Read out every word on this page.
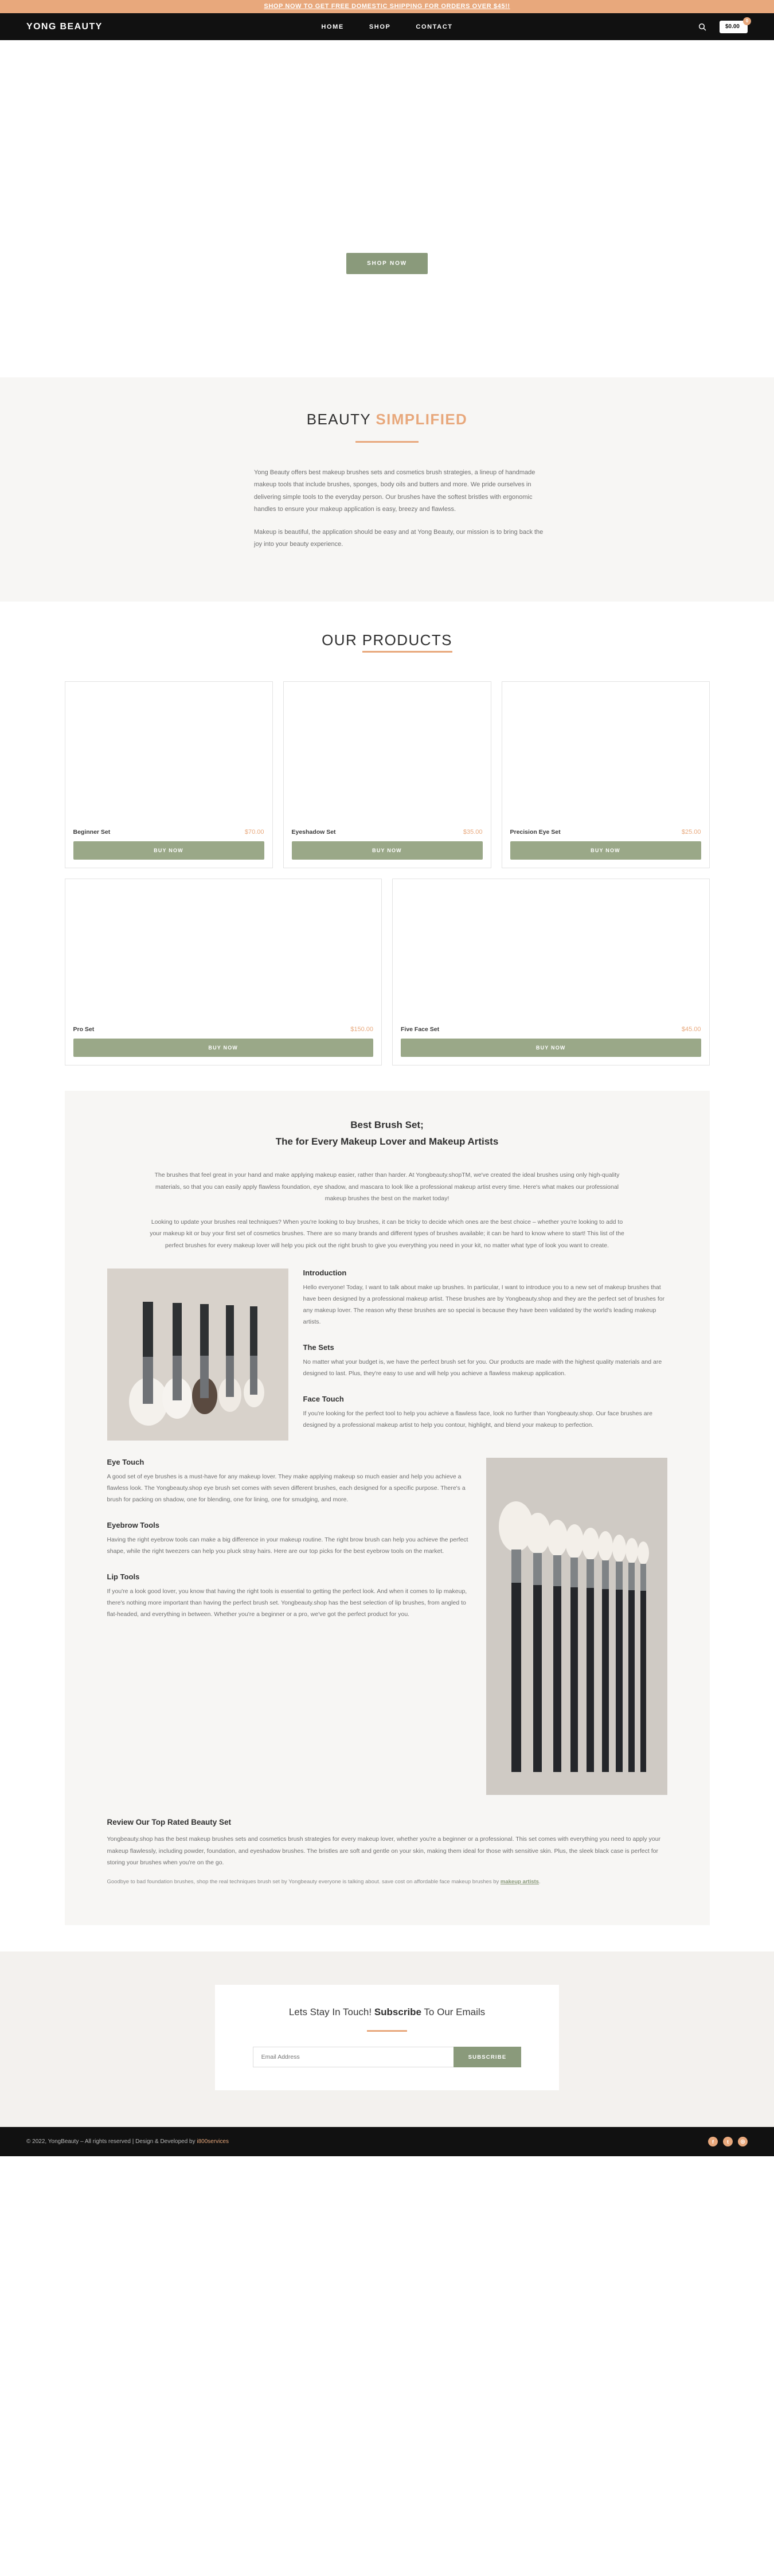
SHOP NOW TO GET FREE DOMESTIC SHIPPING FOR ORDERS OVER $45!!
YONG BEAUTY	HOME	SHOP	CONTACT	$0.00
0
SHOP NOW
BEAUTY SIMPLIFIED

Yong Beauty offers best makeup brushes sets and cosmetics brush strategies, a lineup of handmade makeup tools that include brushes, sponges, body oils and butters and more. We pride ourselves in delivering simple tools to the everyday person. Our brushes have the softest bristles with ergonomic handles to ensure your makeup application is easy, breezy and flawless.

Makeup is beautiful, the application should be easy and at Yong Beauty, our mission is to bring back the joy into your beauty experience.

OUR PRODUCTS
Beginner Set	$70.00
BUY NOW
Eyeshadow Set	$35.00
BUY NOW
Precision Eye Set	$25.00
BUY NOW
Pro Set	$150.00
BUY NOW
Five Face Set	$45.00
BUY NOW
Best Brush Set;
The for Every Makeup Lover and Makeup Artists

The brushes that feel great in your hand and make applying makeup easier, rather than harder. At Yongbeauty.shopTM, we've created the ideal brushes using only high-quality materials, so that you can easily apply flawless foundation, eye shadow, and mascara to look like a professional makeup artist every time. Here's what makes our professional makeup brushes the best on the market today!

Looking to update your brushes real techniques? When you're looking to buy brushes, it can be tricky to decide which ones are the best choice – whether you're looking to add to your makeup kit or buy your first set of cosmetics brushes. There are so many brands and different types of brushes available; it can be hard to know where to start! This list of the perfect brushes for every makeup lover will help you pick out the right brush to give you everything you need in your kit, no matter what type of look you want to create.

Introduction

Hello everyone! Today, I want to talk about make up brushes. In particular, I want to introduce you to a new set of makeup brushes that have been designed by a professional makeup artist. These brushes are by Yongbeauty.shop and they are the perfect set of brushes for any makeup lover. The reason why these brushes are so special is because they have been validated by the world's leading makeup artists.

The Sets

No matter what your budget is, we have the perfect brush set for you. Our products are made with the highest quality materials and are designed to last. Plus, they're easy to use and will help you achieve a flawless makeup application.

Face Touch

If you're looking for the perfect tool to help you achieve a flawless face, look no further than Yongbeauty.shop. Our face brushes are designed by a professional makeup artist to help you contour, highlight, and blend your makeup to perfection.

Eye Touch

A good set of eye brushes is a must-have for any makeup lover. They make applying makeup so much easier and help you achieve a flawless look. The Yongbeauty.shop eye brush set comes with seven different brushes, each designed for a specific purpose. There's a brush for packing on shadow, one for blending, one for lining, one for smudging, and more.

Eyebrow Tools

Having the right eyebrow tools can make a big difference in your makeup routine. The right brow brush can help you achieve the perfect shape, while the right tweezers can help you pluck stray hairs. Here are our top picks for the best eyebrow tools on the market.

Lip Tools

If you're a look good lover, you know that having the right tools is essential to getting the perfect look. And when it comes to lip makeup, there's nothing more important than having the perfect brush set. Yongbeauty.shop has the best selection of lip brushes, from angled to flat-headed, and everything in between. Whether you're a beginner or a pro, we've got the perfect product for you.

Review Our Top Rated Beauty Set

Yongbeauty.shop has the best makeup brushes sets and cosmetics brush strategies for every makeup lover, whether you're a beginner or a professional. This set comes with everything you need to apply your makeup flawlessly, including powder, foundation, and eyeshadow brushes. The bristles are soft and gentle on your skin, making them ideal for those with sensitive skin. Plus, the sleek black case is perfect for storing your brushes when you're on the go.

Goodbye to bad foundation brushes, shop the real techniques brush set by Yongbeauty everyone is talking about. save cost on affordable face makeup brushes by makeup artists.

Lets Stay In Touch! Subscribe To Our Emails
Email Address
SUBSCRIBE
© 2022, YongBeauty – All rights reserved | Design & Developed by i800services	f	t	◎
